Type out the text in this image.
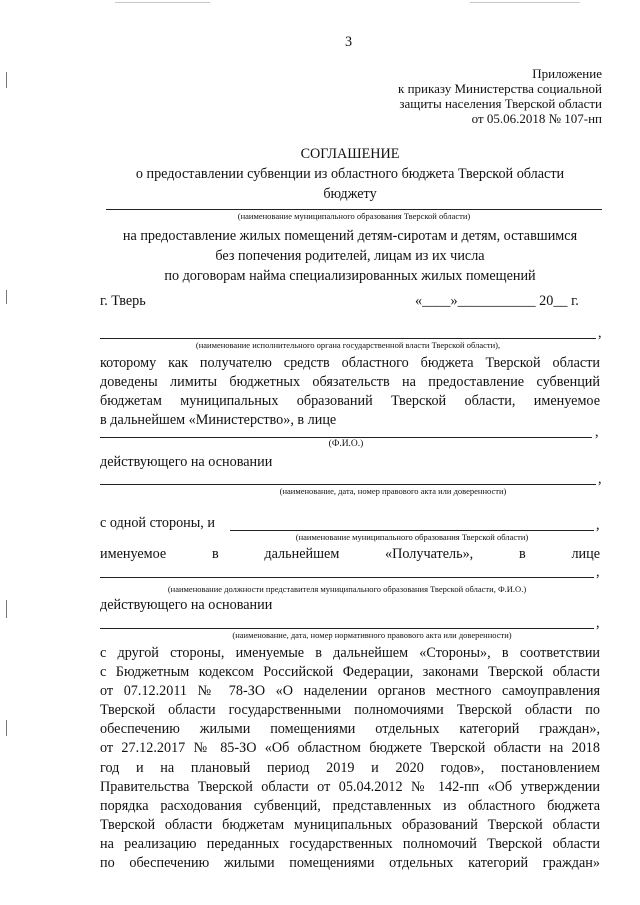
3
Приложение
к приказу Министерства социальной
защиты населения Тверской области
от 05.06.2018 № 107-нп
СОГЛАШЕНИЕ
о предоставлении субвенции из областного бюджета Тверской области
бюджету
(наименование муниципального образования Тверской области)
на предоставление жилых помещений детям-сиротам и детям, оставшимся
без попечения родителей, лицам из их числа
по договорам найма специализированных жилых помещений
г. Тверь	«____»___________ 20__ г.
,
(наименование исполнительного органа государственной власти Тверской области),
которому как получателю средств областного бюджета Тверской области
доведены лимиты бюджетных обязательств на предоставление субвенций
бюджетам муниципальных образований Тверской области, именуемое
в дальнейшем «Министерство», в лице
,
(Ф.И.О.)
действующего на основании
,
(наименование, дата, номер правового акта или доверенности)
с одной стороны, и	,
(наименование муниципального образования Тверской области)
именуемое	в	дальнейшем	«Получатель»,	в	лице
,
(наименование должности представителя муниципального образования Тверской области, Ф.И.О.)
действующего на основании
,
(наименование, дата, номер нормативного правового акта или доверенности)
с другой стороны, именуемые в дальнейшем «Стороны», в соответствии
с Бюджетным кодексом Российской Федерации, законами Тверской области
от 07.12.2011 № 78-ЗО «О наделении органов местного самоуправления
Тверской области государственными полномочиями Тверской области по
обеспечению жилыми помещениями отдельных категорий граждан»,
от 27.12.2017 № 85-ЗО «Об областном бюджете Тверской области на 2018
год и на плановый период 2019 и 2020 годов», постановлением
Правительства Тверской области от 05.04.2012 № 142-пп «Об утверждении
порядка расходования субвенций, представленных из областного бюджета
Тверской области бюджетам муниципальных образований Тверской области
на реализацию переданных государственных полномочий Тверской области
по обеспечению жилыми помещениями отдельных категорий граждан»
